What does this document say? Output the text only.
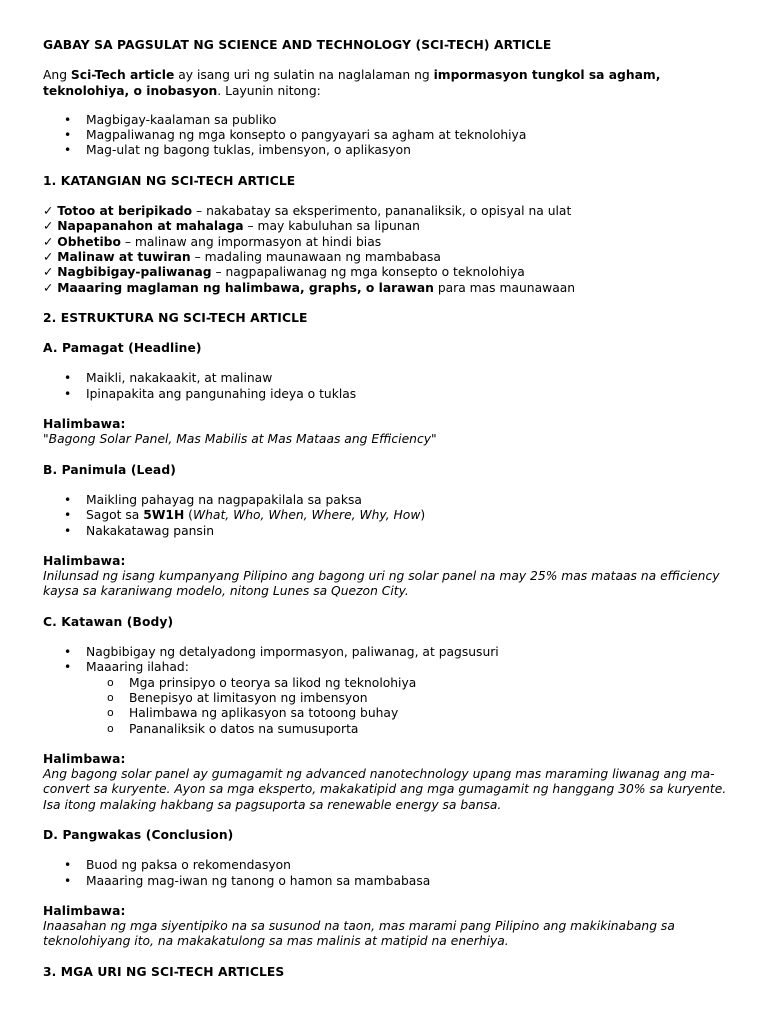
GABAY SA PAGSULAT NG SCIENCE AND TECHNOLOGY (SCI-TECH) ARTICLE

Ang Sci-Tech article ay isang uri ng sulatin na naglalaman ng impormasyon tungkol sa agham, teknolohiya, o inobasyon. Layunin nitong:

• Magbigay-kaalaman sa publiko
• Magpaliwanag ng mga konsepto o pangyayari sa agham at teknolohiya
• Mag-ulat ng bagong tuklas, imbensyon, o aplikasyon

1. KATANGIAN NG SCI-TECH ARTICLE

✓ Totoo at beripikado – nakabatay sa eksperimento, pananaliksik, o opisyal na ulat
✓ Napapanahon at mahalaga – may kabuluhan sa lipunan
✓ Obhetibo – malinaw ang impormasyon at hindi bias
✓ Malinaw at tuwiran – madaling maunawaan ng mambabasa
✓ Nagbibigay-paliwanag – nagpapaliwanag ng mga konsepto o teknolohiya
✓ Maaaring maglaman ng halimbawa, graphs, o larawan para mas maunawaan

2. ESTRUKTURA NG SCI-TECH ARTICLE

A. Pamagat (Headline)

• Maikli, nakakaakit, at malinaw
• Ipinapakita ang pangunahing ideya o tuklas

Halimbawa:

"Bagong Solar Panel, Mas Mabilis at Mas Mataas ang Efficiency"

B. Panimula (Lead)

• Maikling pahayag na nagpapakilala sa paksa
• Sagot sa 5W1H (What, Who, When, Where, Why, How)
• Nakakatawag pansin

Halimbawa:

Inilunsad ng isang kumpanyang Pilipino ang bagong uri ng solar panel na may 25% mas mataas na efficiency kaysa sa karaniwang modelo, nitong Lunes sa Quezon City.

C. Katawan (Body)

• Nagbibigay ng detalyadong impormasyon, paliwanag, at pagsusuri
• Maaaring ilahad:
o Mga prinsipyo o teorya sa likod ng teknolohiya
o Benepisyo at limitasyon ng imbensyon
o Halimbawa ng aplikasyon sa totoong buhay
o Pananaliksik o datos na sumusuporta

Halimbawa:

Ang bagong solar panel ay gumagamit ng advanced nanotechnology upang mas maraming liwanag ang ma-convert sa kuryente. Ayon sa mga eksperto, makakatipid ang mga gumagamit ng hanggang 30% sa kuryente. Isa itong malaking hakbang sa pagsuporta sa renewable energy sa bansa.

D. Pangwakas (Conclusion)

• Buod ng paksa o rekomendasyon
• Maaaring mag-iwan ng tanong o hamon sa mambabasa

Halimbawa:

Inaasahan ng mga siyentipiko na sa susunod na taon, mas marami pang Pilipino ang makikinabang sa teknolohiyang ito, na makakatulong sa mas malinis at matipid na enerhiya.

3. MGA URI NG SCI-TECH ARTICLES
